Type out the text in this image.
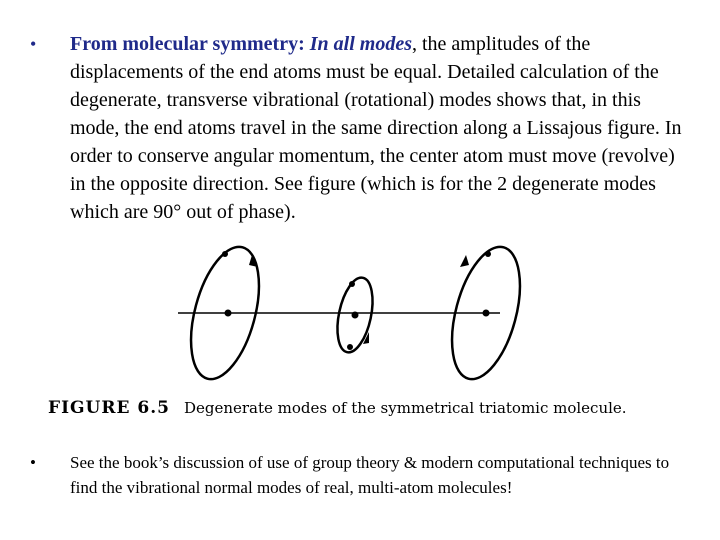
•	From molecular symmetry: In all modes, the amplitudes of the displacements of the end atoms must be equal. Detailed calculation of the degenerate, transverse vibrational (rotational) modes shows that, in this mode, the end atoms travel in the same direction along a Lissajous figure. In order to conserve angular momentum, the center atom must move (revolve) in the opposite direction. See figure (which is for the 2 degenerate modes which are 90° out of phase).
FIGURE 6.5 Degenerate modes of the symmetrical triatomic molecule.
•	See the book’s discussion of use of group theory & modern computational techniques to find the vibrational normal modes of real, multi-atom molecules!
